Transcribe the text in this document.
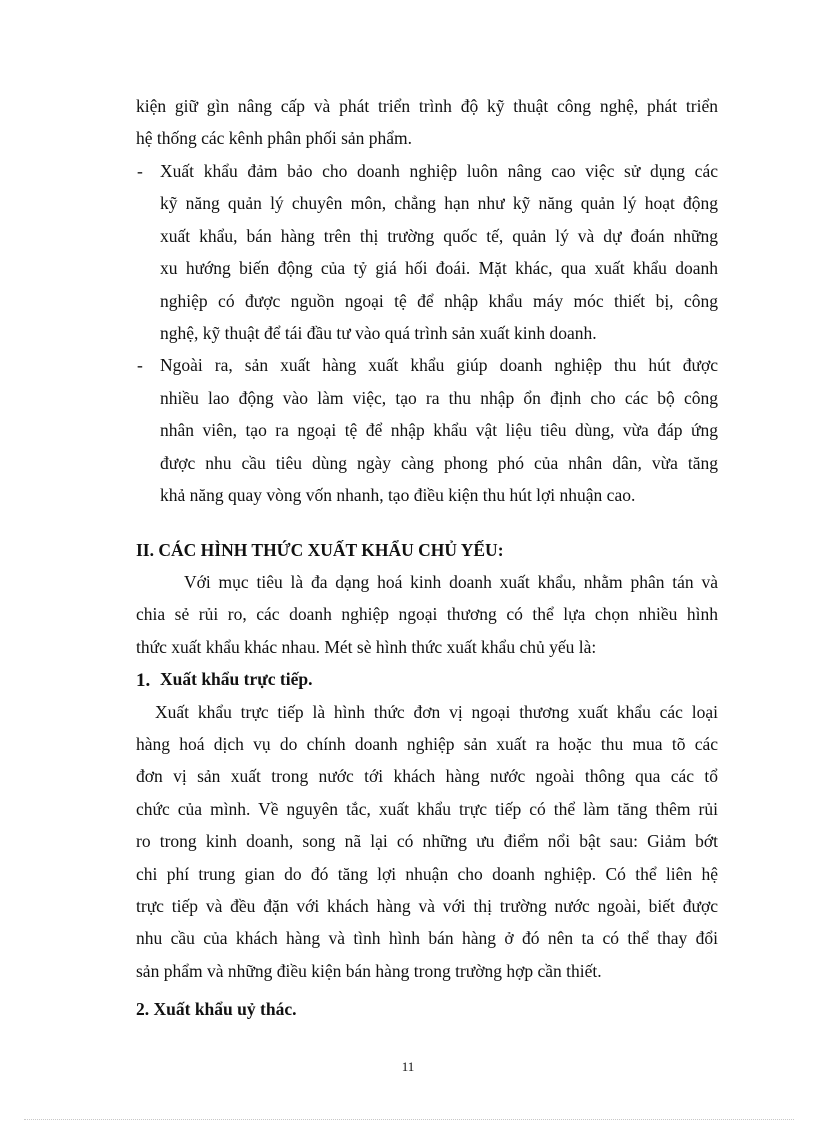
kiện giữ gìn nâng cấp và phát triển trình độ kỹ thuật công nghệ, phát triển
hệ thống các kênh phân phối sản phẩm.
- Xuất khẩu đảm bảo cho doanh nghiệp luôn nâng cao việc sử dụng các
kỹ năng quản lý chuyên môn, chẳng hạn như kỹ năng quản lý hoạt động
xuất khẩu, bán hàng trên thị trường quốc tế, quản lý và dự đoán những
xu hướng biến động của tỷ giá hối đoái. Mặt khác, qua xuất khẩu doanh
nghiệp có được nguồn ngoại tệ để nhập khẩu máy móc thiết bị, công
nghệ, kỹ thuật để tái đầu tư vào quá trình sản xuất kinh doanh.
- Ngoài ra, sản xuất hàng xuất khẩu giúp doanh nghiệp thu hút được
nhiều lao động vào làm việc, tạo ra thu nhập ổn định cho các bộ công
nhân viên, tạo ra ngoại tệ để nhập khẩu vật liệu tiêu dùng, vừa đáp ứng
được nhu cầu tiêu dùng ngày càng phong phó của nhân dân, vừa tăng
khả năng quay vòng vốn nhanh, tạo điều kiện thu hút lợi nhuận cao.
II. CÁC HÌNH THỨC XUẤT KHẨU CHỦ YẾU:
Với mục tiêu là đa dạng hoá kinh doanh xuất khẩu, nhằm phân tán và
chia sẻ rủi ro, các doanh nghiệp ngoại thương có thể lựa chọn nhiều hình
thức xuất khẩu khác nhau. Mét sè hình thức xuất khẩu chủ yếu là:
1. Xuất khẩu trực tiếp.
Xuất khẩu trực tiếp là hình thức đơn vị ngoại thương xuất khẩu các loại
hàng hoá dịch vụ do chính doanh nghiệp sản xuất ra hoặc thu mua tõ các
đơn vị sản xuất trong nước tới khách hàng nước ngoài thông qua các tổ
chức của mình. Về nguyên tắc, xuất khẩu trực tiếp có thể làm tăng thêm rủi
ro trong kinh doanh, song nã lại có những ưu điểm nổi bật sau: Giảm bớt
chi phí trung gian do đó tăng lợi nhuận cho doanh nghiệp. Có thể liên hệ
trực tiếp và đều đặn với khách hàng và với thị trường nước ngoài, biết được
nhu cầu của khách hàng và tình hình bán hàng ở đó nên ta có thể thay đổi
sản phẩm và những điều kiện bán hàng trong trường hợp cần thiết.
2. Xuất khẩu uỷ thác.
11
